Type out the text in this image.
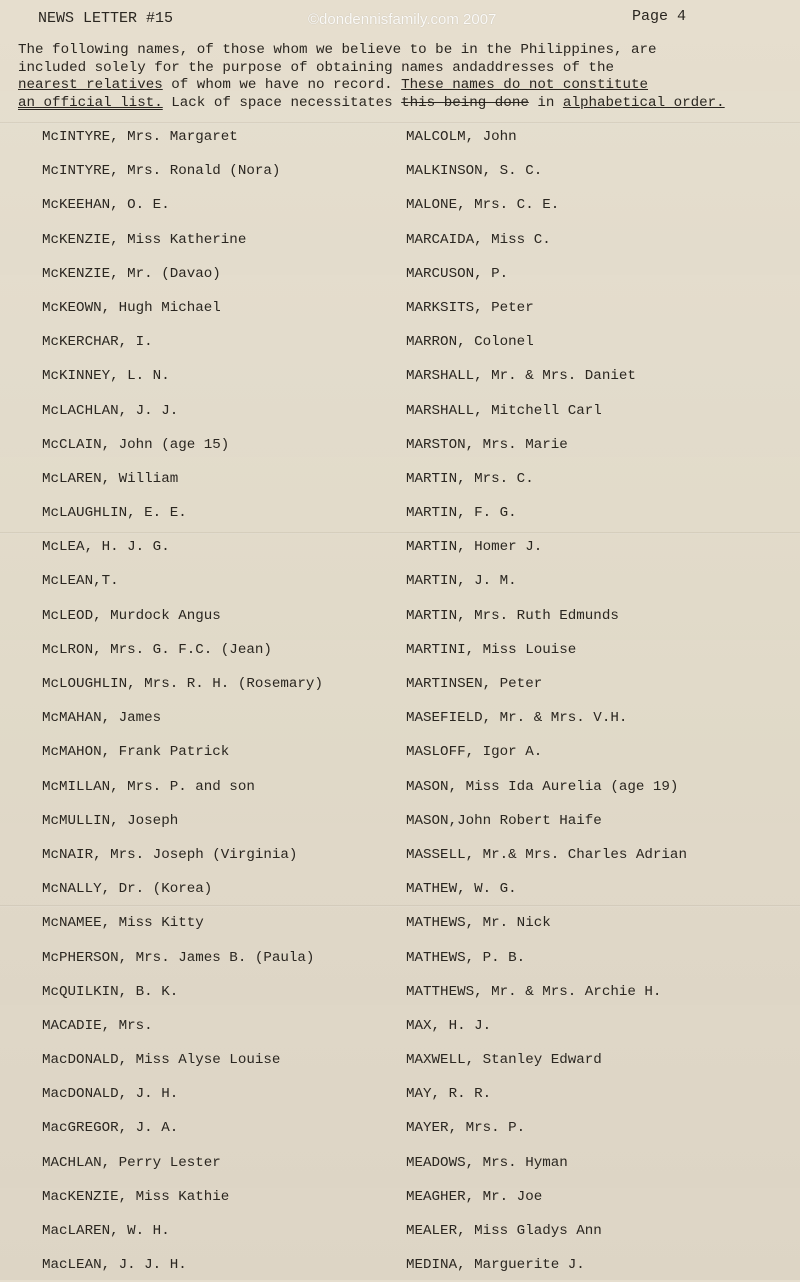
NEWS LETTER #15	©dondennisfamily.com 2007	Page 4
The following names, of those whom we believe to be in the Philippines, are
included solely for the purpose of obtaining names andaddresses of the
nearest relatives of whom we have no record. These names do not constitute
an official list. Lack of space necessitates this being done in alphabetical order.
McINTYRE, Mrs. Margaret
McINTYRE, Mrs. Ronald (Nora)
McKEEHAN, O. E.
McKENZIE, Miss Katherine
McKENZIE, Mr. (Davao)
McKEOWN, Hugh Michael
McKERCHAR, I.
McKINNEY, L. N.
McLACHLAN, J. J.
McCLAIN, John (age 15)
McLAREN, William
McLAUGHLIN, E. E.
McLEA, H. J. G.
McLEAN,T.
McLEOD, Murdock Angus
McLRON, Mrs. G. F.C. (Jean)
McLOUGHLIN, Mrs. R. H. (Rosemary)
McMAHAN, James
McMAHON, Frank Patrick
McMILLAN, Mrs. P. and son
McMULLIN, Joseph
McNAIR, Mrs. Joseph (Virginia)
McNALLY, Dr. (Korea)
McNAMEE, Miss Kitty
McPHERSON, Mrs. James B. (Paula)
McQUILKIN, B. K.
MACADIE, Mrs.
MacDONALD, Miss Alyse Louise
MacDONALD, J. H.
MacGREGOR, J. A.
MACHLAN, Perry Lester
MacKENZIE, Miss Kathie
MacLAREN, W. H.
MacLEAN, J. J. H.
MALCOLM, John
MALKINSON, S. C.
MALONE, Mrs. C. E.
MARCAIDA, Miss C.
MARCUSON, P.
MARKSITS, Peter
MARRON, Colonel
MARSHALL, Mr. & Mrs. Daniet
MARSHALL, Mitchell Carl
MARSTON, Mrs. Marie
MARTIN, Mrs. C.
MARTIN, F. G.
MARTIN, Homer J.
MARTIN, J. M.
MARTIN, Mrs. Ruth Edmunds
MARTINI, Miss Louise
MARTINSEN, Peter
MASEFIELD, Mr. & Mrs. V.H.
MASLOFF, Igor A.
MASON, Miss Ida Aurelia (age 19)
MASON,John Robert Haife
MASSELL, Mr.& Mrs. Charles Adrian
MATHEW, W. G.
MATHEWS, Mr. Nick
MATHEWS, P. B.
MATTHEWS, Mr. & Mrs. Archie H.
MAX, H. J.
MAXWELL, Stanley Edward
MAY, R. R.
MAYER, Mrs. P.
MEADOWS, Mrs. Hyman
MEAGHER, Mr. Joe
MEALER, Miss Gladys Ann
MEDINA, Marguerite J.
